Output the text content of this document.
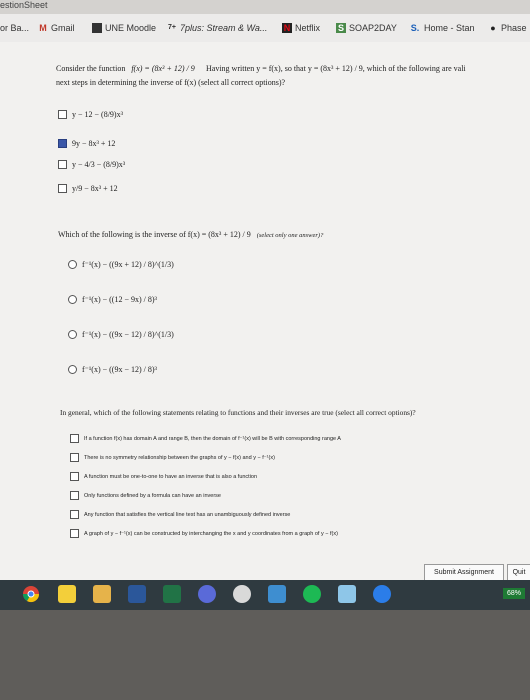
estionSheet
or Ba... M Gmail	UNE Moodle 7+ 7plus: Stream & Wa... N Netflix S SOAP2DAY S. Home - Stan ● Phase
Consider the function f(x) = (8x³ + 12) / 9 Having written y = f(x), so that y = (8x³ + 12) / 9, which of the following are vali
next steps in determining the inverse of f(x) (select all correct options)?
y − 12 − (8/9)x³
9y − 8x³ + 12
y − 4/3 − (8/9)x³
y/9 − 8x³ + 12
Which of the following is the inverse of f(x) = (8x³ + 12) / 9 (select only one answer)?
f⁻¹(x) − ((9x + 12) / 8)^(1/3)
f⁻¹(x) − ((12 − 9x) / 8)³
f⁻¹(x) − ((9x − 12) / 8)^(1/3)
f⁻¹(x) − ((9x − 12) / 8)³
In general, which of the following statements relating to functions and their inverses are true (select all correct options)?
If a function f(x) has domain A and range B, then the domain of f⁻¹(x) will be B with corresponding range A
There is no symmetry relationship between the graphs of y − f(x) and y − f⁻¹(x)
A function must be one-to-one to have an inverse that is also a function
Only functions defined by a formula can have an inverse
Any function that satisfies the vertical line test has an unambiguously defined inverse
A graph of y − f⁻¹(x) can be constructed by interchanging the x and y coordinates from a graph of y − f(x)
Submit Assignment	Quit
68%
